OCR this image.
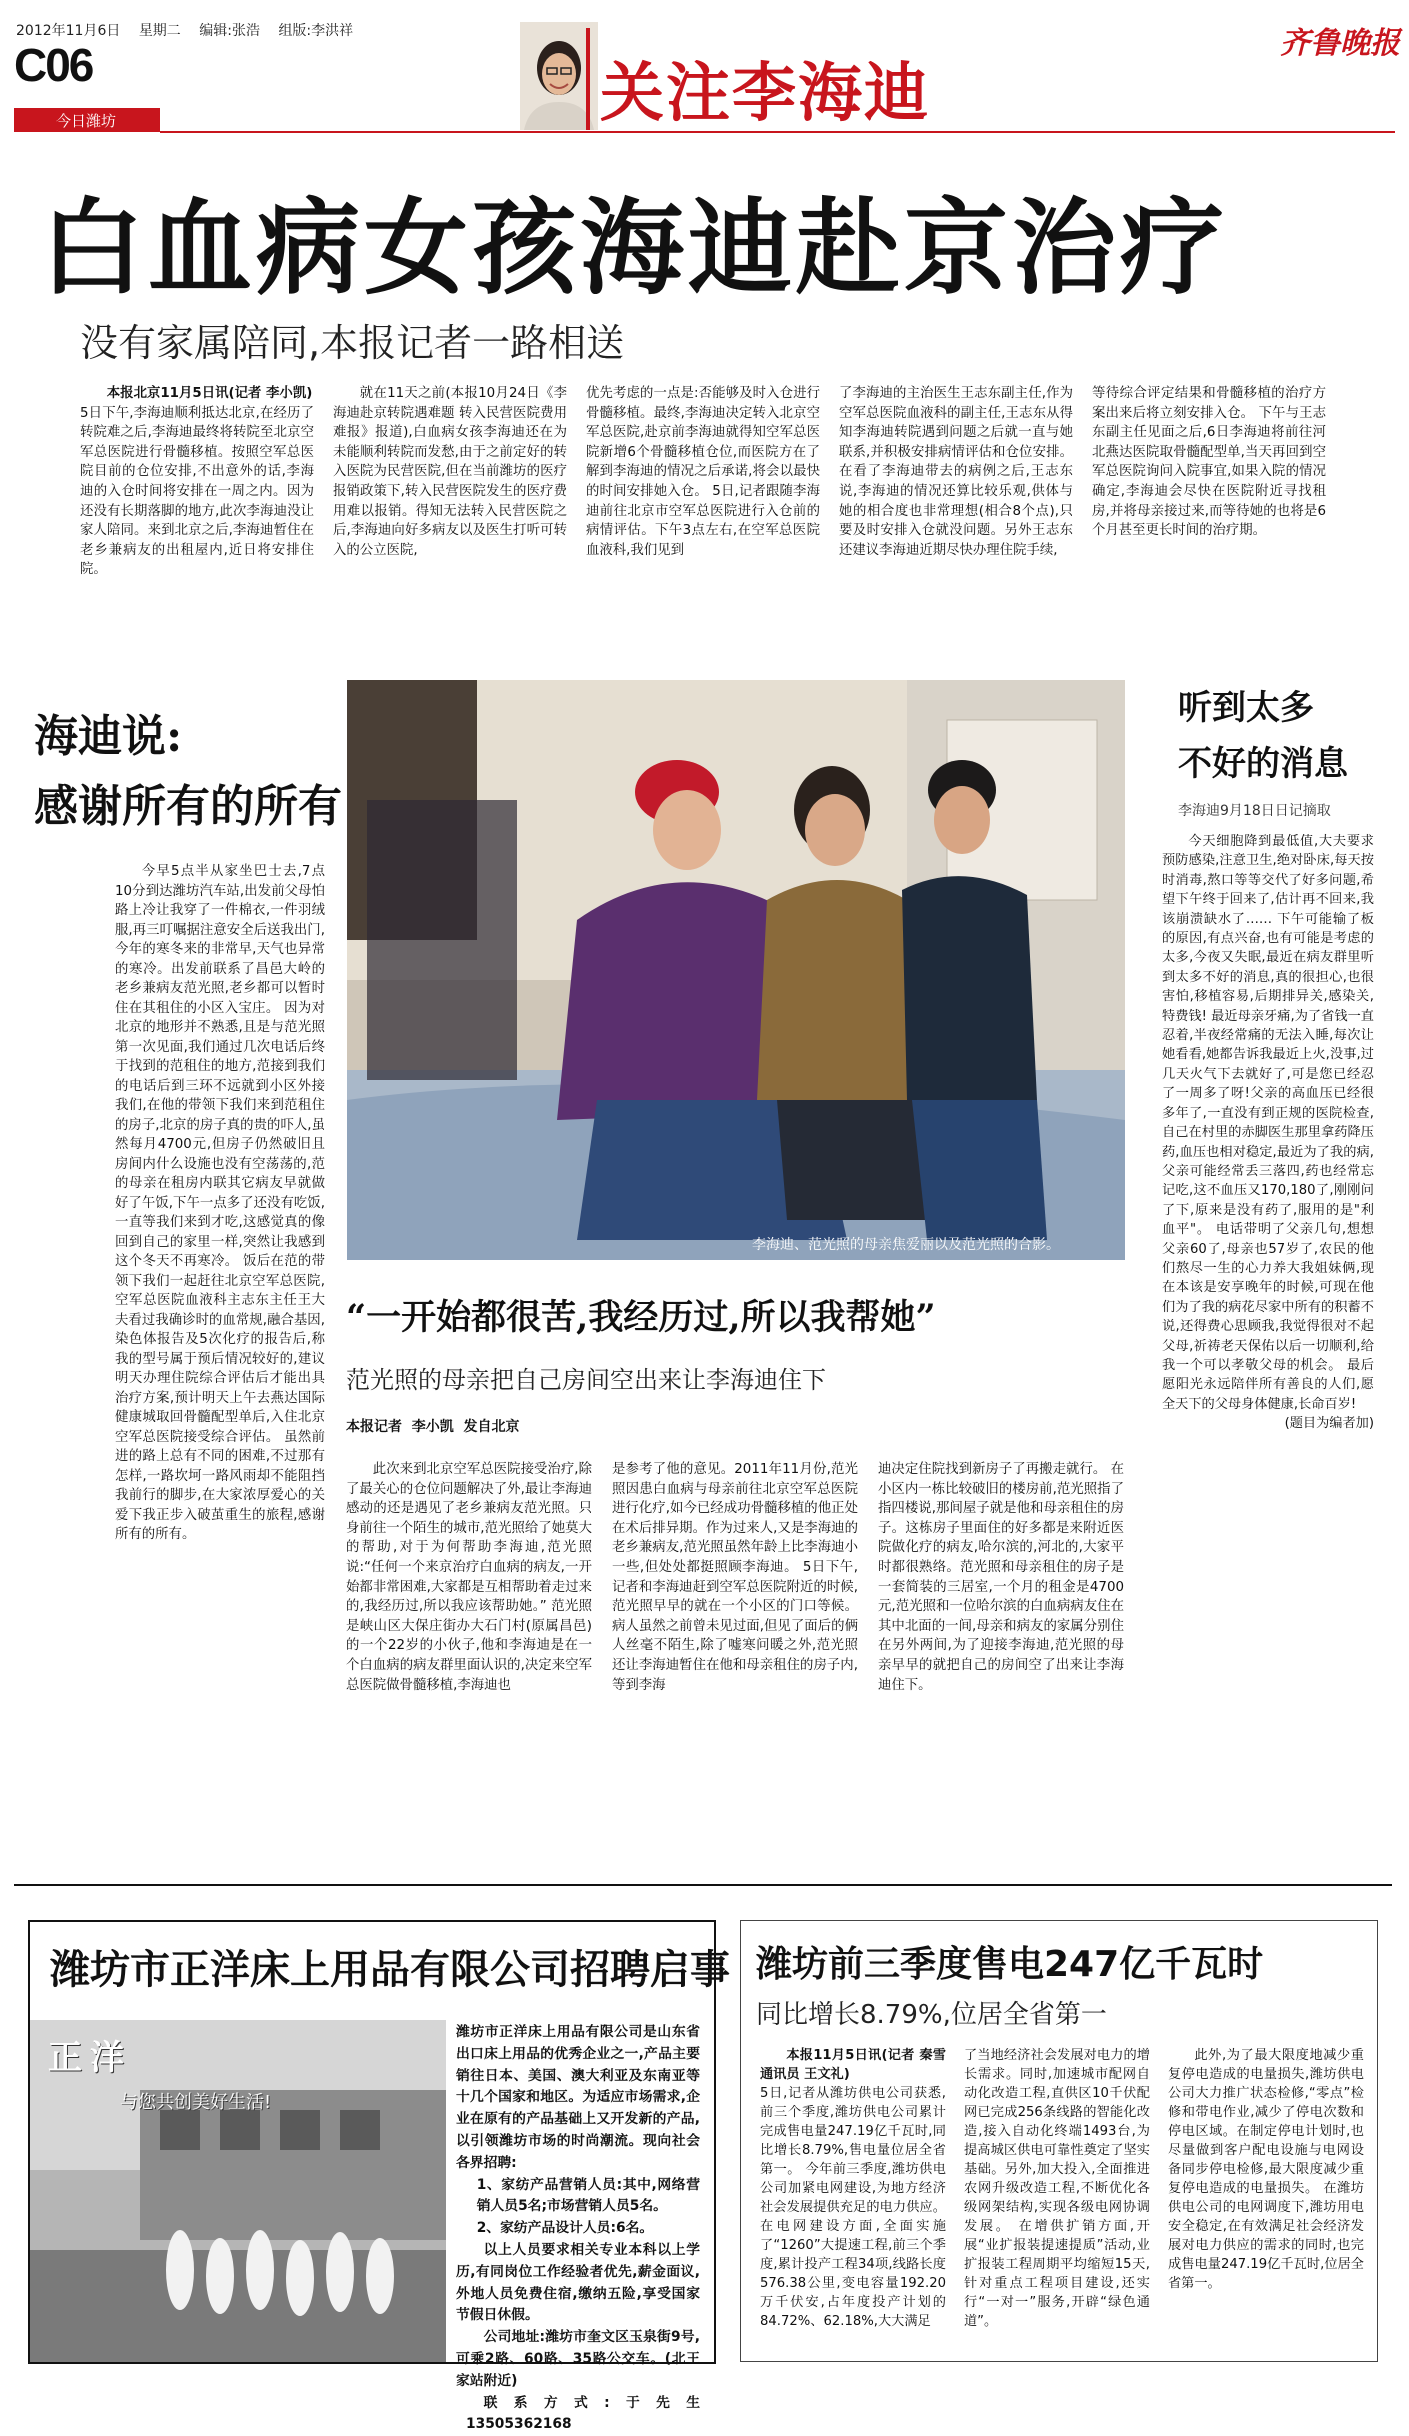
2012年11月6日 星期二 编辑:张浩 组版:李洪祥
C06
今日潍坊	关注李海迪
齐鲁晚报
白血病女孩海迪赴京治疗
没有家属陪同,本报记者一路相送

本报北京11月5日讯(记者 李小凯)

5日下午,李海迪顺利抵达北京,在经历了转院难之后,李海迪最终将转院至北京空军总医院进行骨髓移植。按照空军总医院目前的仓位安排,不出意外的话,李海迪的入仓时间将安排在一周之内。因为还没有长期落脚的地方,此次李海迪没让家人陪同。来到北京之后,李海迪暂住在老乡兼病友的出租屋内,近日将安排住院。

就在11天之前(本报10月24日《李海迪赴京转院遇难题 转入民营医院费用难报》报道),白血病女孩李海迪还在为未能顺利转院而发愁,由于之前定好的转入医院为民营医院,但在当前潍坊的医疗报销政策下,转入民营医院发生的医疗费用难以报销。得知无法转入民营医院之后,李海迪向好多病友以及医生打听可转入的公立医院,

优先考虑的一点是:否能够及时入仓进行骨髓移植。最终,李海迪决定转入北京空军总医院,赴京前李海迪就得知空军总医院新增6个骨髓移植仓位,而医院方在了解到李海迪的情况之后承诺,将会以最快的时间安排她入仓。 5日,记者跟随李海迪前往北京市空军总医院进行入仓前的病情评估。下午3点左右,在空军总医院血液科,我们见到

了李海迪的主治医生王志东副主任,作为空军总医院血液科的副主任,王志东从得知李海迪转院遇到问题之后就一直与她联系,并积极安排病情评估和仓位安排。在看了李海迪带去的病例之后,王志东说,李海迪的情况还算比较乐观,供体与她的相合度也非常理想(相合8个点),只要及时安排入仓就没问题。另外王志东还建议李海迪近期尽快办理住院手续,

等待综合评定结果和骨髓移植的治疗方案出来后将立刻安排入仓。 下午与王志东副主任见面之后,6日李海迪将前往河北燕达医院取骨髓配型单,当天再回到空军总医院询问入院事宜,如果入院的情况确定,李海迪会尽快在医院附近寻找租房,并将母亲接过来,而等待她的也将是6个月甚至更长时间的治疗期。

海迪说:
感谢所有的所有

今早5点半从家坐巴士去,7点10分到达潍坊汽车站,出发前父母怕路上冷让我穿了一件棉衣,一件羽绒服,再三叮嘱据注意安全后送我出门,今年的寒冬来的非常早,天气也异常的寒冷。出发前联系了昌邑大岭的老乡兼病友范光照,老乡都可以暂时住在其租住的小区入宝庄。 因为对北京的地形并不熟悉,且是与范光照第一次见面,我们通过几次电话后终于找到的范租住的地方,范接到我们的电话后到三环不远就到小区外接我们,在他的带领下我们来到范租住的房子,北京的房子真的贵的吓人,虽然每月4700元,但房子仍然破旧且房间内什么设施也没有空荡荡的,范的母亲在租房内联其它病友早就做好了午饭,下午一点多了还没有吃饭,一直等我们来到才吃,这感觉真的像回到自己的家里一样,突然让我感到这个冬天不再寒冷。 饭后在范的带领下我们一起赶往北京空军总医院,空军总医院血液科主志东主任王大夫看过我确诊时的血常规,融合基因,染色体报告及5次化疗的报告后,称我的型号属于预后情况较好的,建议明天办理住院综合评估后才能出具治疗方案,预计明天上午去燕达国际健康城取回骨髓配型单后,入住北京空军总医院接受综合评估。 虽然前进的路上总有不同的困难,不过那有怎样,一路坎坷一路风雨却不能阻挡我前行的脚步,在大家浓厚爱心的关爱下我正步入破茧重生的旅程,感谢所有的所有。

李海迪、范光照的母亲焦爱丽以及范光照的合影。
听到太多
不好的消息
李海迪9月18日日记摘取

今天细胞降到最低值,大夫要求预防感染,注意卫生,绝对卧床,每天按时消毒,熬口等等交代了好多问题,希望下午终于回来了,估计再不回来,我该崩溃缺水了…… 下午可能输了板的原因,有点兴奋,也有可能是考虑的太多,今夜又失眠,最近在病友群里听到太多不好的消息,真的很担心,也很害怕,移植容易,后期排异关,感染关,特费钱! 最近母亲牙痛,为了省钱一直忍着,半夜经常痛的无法入睡,每次让她看看,她都告诉我最近上火,没事,过几天火气下去就好了,可是您已经忍了一周多了呀!父亲的高血压已经很多年了,一直没有到正规的医院检查,自己在村里的赤脚医生那里拿药降压药,血压也相对稳定,最近为了我的病,父亲可能经常丢三落四,药也经常忘记吃,这不血压又170,180了,刚刚问了下,原来是没有药了,服用的是"利血平"。 电话带明了父亲几句,想想父亲60了,母亲也57岁了,农民的他们熬尽一生的心力养大我姐妹俩,现在本该是安享晚年的时候,可现在他们为了我的病花尽家中所有的积蓄不说,还得费心思顾我,我觉得很对不起父母,祈祷老天保佑以后一切顺利,给我一个可以孝敬父母的机会。 最后愿阳光永远陪伴所有善良的人们,愿全天下的父母身体健康,长命百岁!

(题目为编者加)

“一开始都很苦,我经历过,所以我帮她”
范光照的母亲把自己房间空出来让李海迪住下
本报记者  李小凯  发自北京

此次来到北京空军总医院接受治疗,除了最关心的仓位问题解决了外,最让李海迪感动的还是遇见了老乡兼病友范光照。只身前往一个陌生的城市,范光照给了她莫大的帮助,对于为何帮助李海迪,范光照说:“任何一个来京治疗白血病的病友,一开始都非常困难,大家都是互相帮助着走过来的,我经历过,所以我应该帮助她。” 范光照是峡山区大保庄街办大石门村(原属昌邑)的一个22岁的小伙子,他和李海迪是在一个白血病的病友群里面认识的,决定来空军总医院做骨髓移植,李海迪也

是参考了他的意见。2011年11月份,范光照因患白血病与母亲前往北京空军总医院进行化疗,如今已经成功骨髓移植的他正处在术后排异期。作为过来人,又是李海迪的老乡兼病友,范光照虽然年龄上比李海迪小一些,但处处都挺照顾李海迪。 5日下午,记者和李海迪赶到空军总医院附近的时候,范光照早早的就在一个小区的门口等候。病人虽然之前曾未见过面,但见了面后的俩人丝毫不陌生,除了嘘寒问暖之外,范光照还让李海迪暂住在他和母亲租住的房子内,等到李海

迪决定住院找到新房子了再搬走就行。 在小区内一栋比较破旧的楼房前,范光照指了指四楼说,那间屋子就是他和母亲租住的房子。这栋房子里面住的好多都是来附近医院做化疗的病友,哈尔滨的,河北的,大家平时都很熟络。范光照和母亲租住的房子是一套简装的三居室,一个月的租金是4700元,范光照和一位哈尔滨的白血病病友住在其中北面的一间,母亲和病友的家属分别住在另外两间,为了迎接李海迪,范光照的母亲早早的就把自己的房间空了出来让李海迪住下。

潍坊市正洋床上用品有限公司招聘启事
正洋
与您共创美好生活!
潍坊市正洋床上用品有限公司是山东省出口床上用品的优秀企业之一,产品主要销往日本、美国、澳大利亚及东南亚等十几个国家和地区。为适应市场需求,企业在原有的产品基础上又开发新的产品,以引领潍坊市场的时尚潮流。现向社会各界招聘:
1、家纺产品营销人员:其中,网络营销人员5名;市场营销人员5名。
2、家纺产品设计人员:6名。
以上人员要求相关专业本科以上学历,有同岗位工作经验者优先,薪金面议,外地人员免费住宿,缴纳五险,享受国家节假日休假。
公司地址:潍坊市奎文区玉泉街9号,可乘2路、60路、35路公交车。(北王家站附近)
联系方式:于先生 13505362168
潍坊前三季度售电247亿千瓦时
同比增长8.79%,位居全省第一

本报11月5日讯(记者 秦雪 通讯员 王文礼)

5日,记者从潍坊供电公司获悉,前三个季度,潍坊供电公司累计完成售电量247.19亿千瓦时,同比增长8.79%,售电量位居全省第一。 今年前三季度,潍坊供电公司加紧电网建设,为地方经济社会发展提供充足的电力供应。在电网建设方面,全面实施了“1260”大提速工程,前三个季度,累计投产工程34项,线路长度576.38公里,变电容量192.20万千伏安,占年度投产计划的84.72%、62.18%,大大满足

了当地经济社会发展对电力的增长需求。同时,加速城市配网自动化改造工程,直供区10千伏配网已完成256条线路的智能化改造,接入自动化终端1493台,为提高城区供电可靠性奠定了坚实基础。另外,加大投入,全面推进农网升级改造工程,不断优化各级网架结构,实现各级电网协调发展。 在增供扩销方面,开展“业扩报装提速提质”活动,业扩报装工程周期平均缩短15天,针对重点工程项目建设,还实行“一对一”服务,开辟“绿色通道”。

此外,为了最大限度地减少重复停电造成的电量损失,潍坊供电公司大力推广状态检修,“零点”检修和带电作业,减少了停电次数和停电区域。在制定停电计划时,也尽量做到客户配电设施与电网设备同步停电检修,最大限度减少重复停电造成的电量损失。 在潍坊供电公司的电网调度下,潍坊用电安全稳定,在有效满足社会经济发展对电力供应的需求的同时,也完成售电量247.19亿千瓦时,位居全省第一。
